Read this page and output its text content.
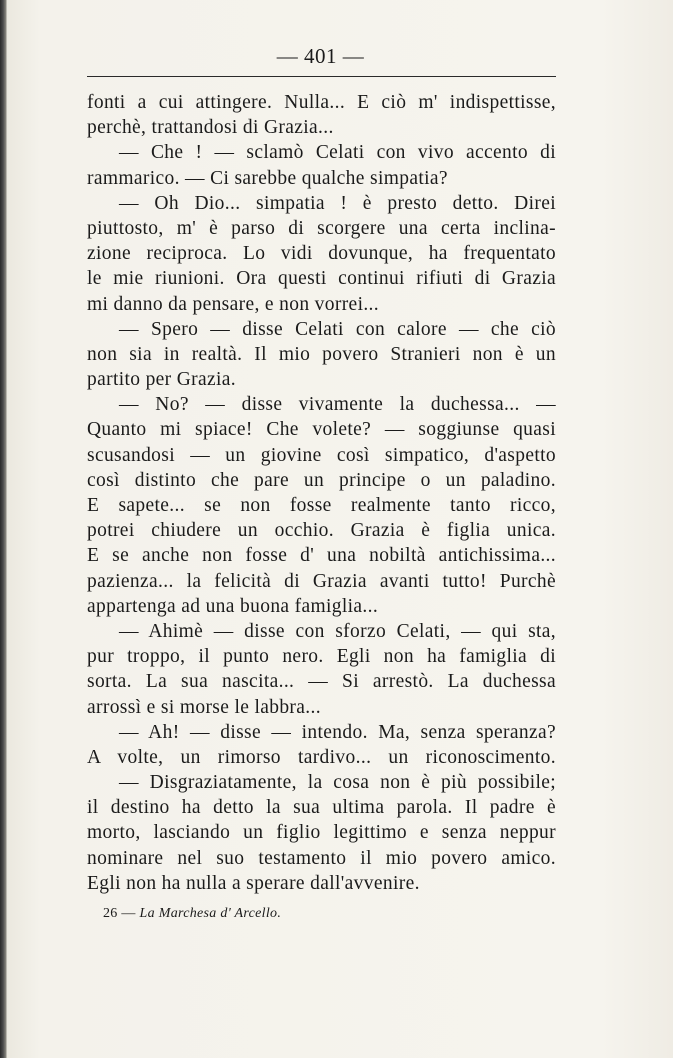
— 401 —
fonti a cui attingere. Nulla... E ciò m' indispettisse,
perchè, trattandosi di Grazia...
— Che ! — sclamò Celati con vivo accento di
rammarico. — Ci sarebbe qualche simpatia?
— Oh Dio... simpatia ! è presto detto. Direi
piuttosto, m' è parso di scorgere una certa inclina-
zione reciproca. Lo vidi dovunque, ha frequentato
le mie riunioni. Ora questi continui rifiuti di Grazia
mi danno da pensare, e non vorrei...
— Spero — disse Celati con calore — che ciò
non sia in realtà. Il mio povero Stranieri non è un
partito per Grazia.
— No? — disse vivamente la duchessa... —
Quanto mi spiace! Che volete? — soggiunse quasi
scusandosi — un giovine così simpatico, d'aspetto
così distinto che pare un principe o un paladino.
E sapete... se non fosse realmente tanto ricco,
potrei chiudere un occhio. Grazia è figlia unica.
E se anche non fosse d' una nobiltà antichissima...
pazienza... la felicità di Grazia avanti tutto! Purchè
appartenga ad una buona famiglia...
— Ahimè — disse con sforzo Celati, — qui sta,
pur troppo, il punto nero. Egli non ha famiglia di
sorta. La sua nascita... — Si arrestò. La duchessa
arrossì e si morse le labbra...
— Ah! — disse — intendo. Ma, senza speranza?
A volte, un rimorso tardivo... un riconoscimento.
— Disgraziatamente, la cosa non è più possibile;
il destino ha detto la sua ultima parola. Il padre è
morto, lasciando un figlio legittimo e senza neppur
nominare nel suo testamento il mio povero amico.
Egli non ha nulla a sperare dall'avvenire.
26 — La Marchesa d' Arcello.
